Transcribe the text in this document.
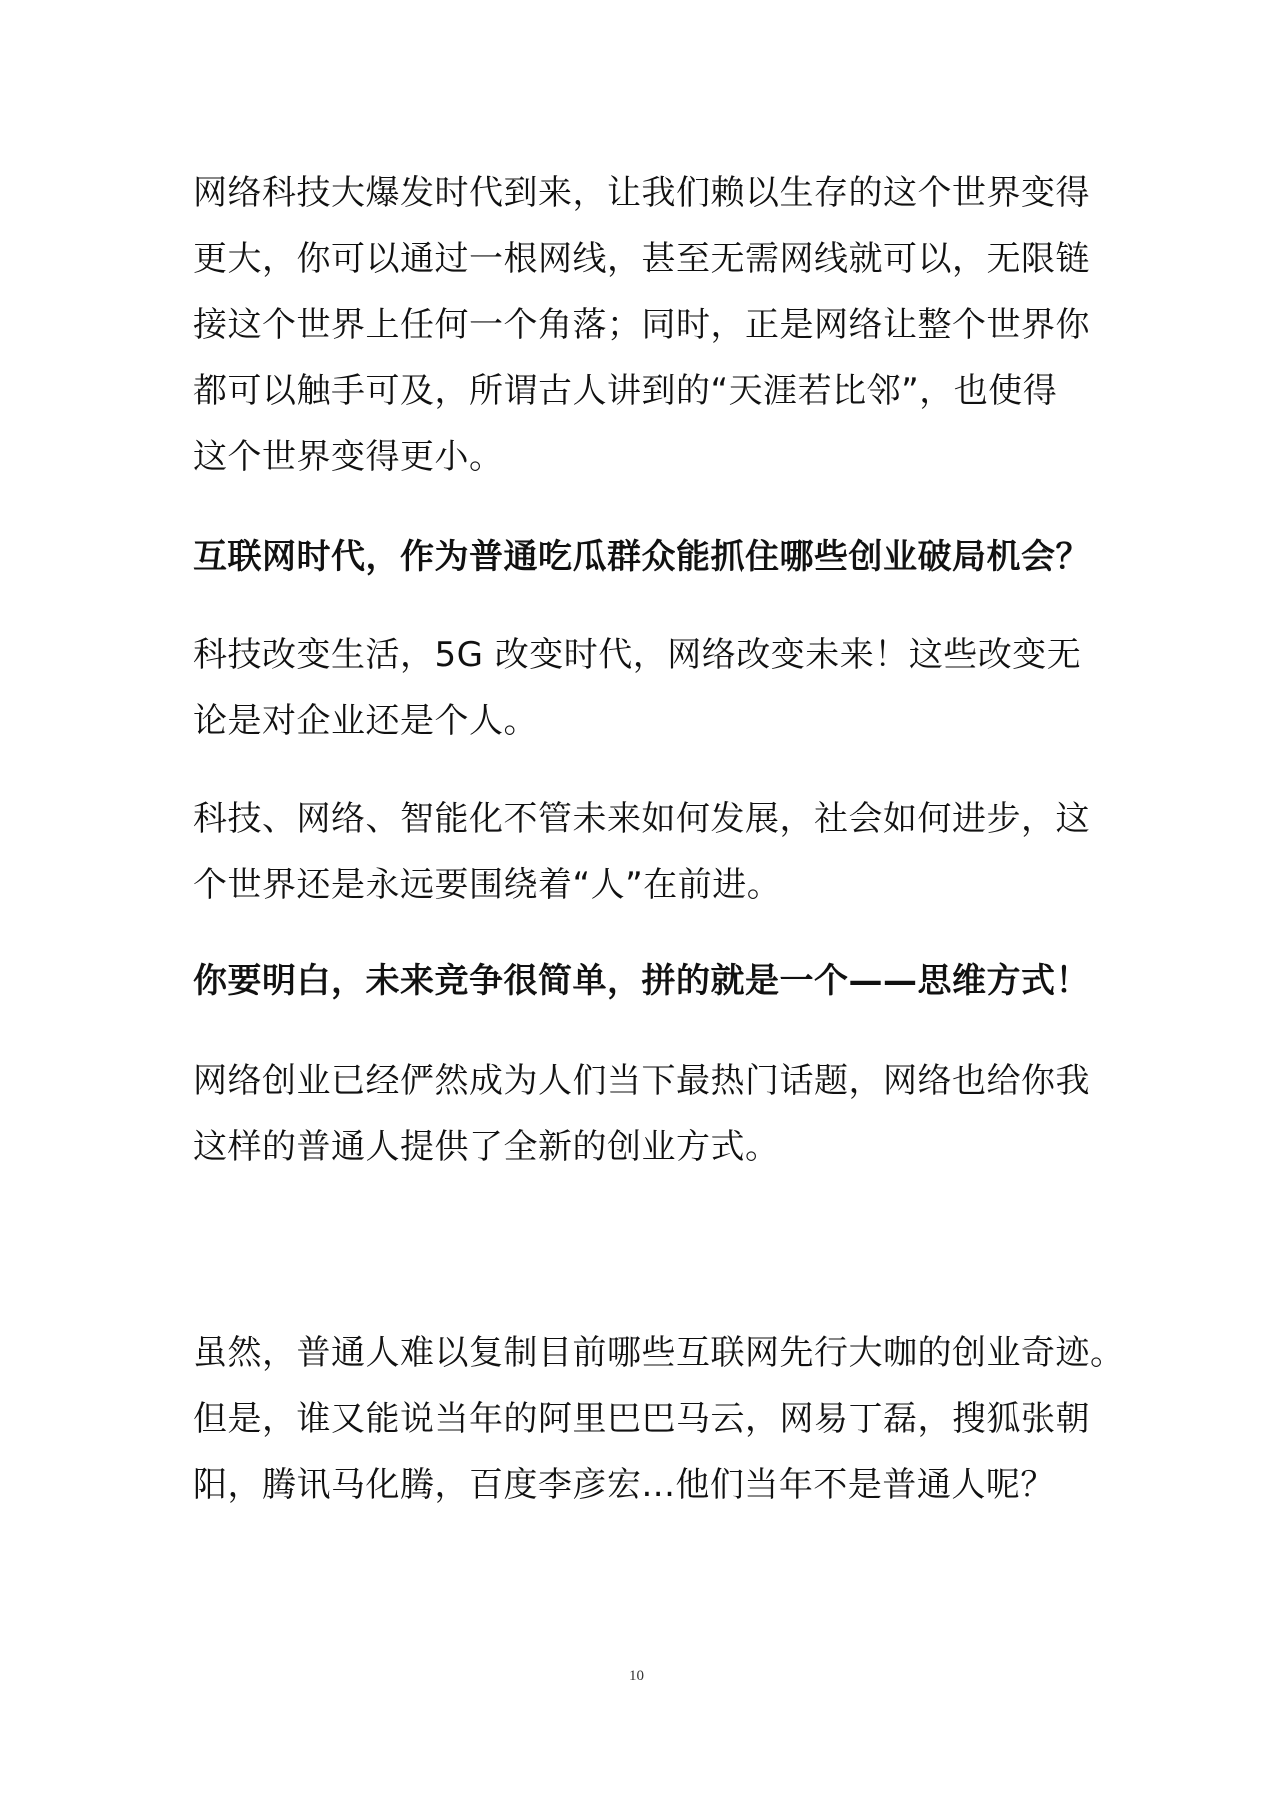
网络科技大爆发时代到来，让我们赖以生存的这个世界变得
更大，你可以通过一根网线，甚至无需网线就可以，无限链
接这个世界上任何一个角落；同时，正是网络让整个世界你
都可以触手可及，所谓古人讲到的“天涯若比邻”，也使得
这个世界变得更小。

互联网时代，作为普通吃瓜群众能抓住哪些创业破局机会？

科技改变生活，5G 改变时代，网络改变未来！这些改变无
论是对企业还是个人。

科技、网络、智能化不管未来如何发展，社会如何进步，这
个世界还是永远要围绕着“人”在前进。

你要明白，未来竞争很简单，拼的就是一个——思维方式！

网络创业已经俨然成为人们当下最热门话题，网络也给你我
这样的普通人提供了全新的创业方式。

虽然，普通人难以复制目前哪些互联网先行大咖的创业奇迹。
但是，谁又能说当年的阿里巴巴马云，网易丁磊，搜狐张朝
阳，腾讯马化腾，百度李彦宏...他们当年不是普通人呢？

10
